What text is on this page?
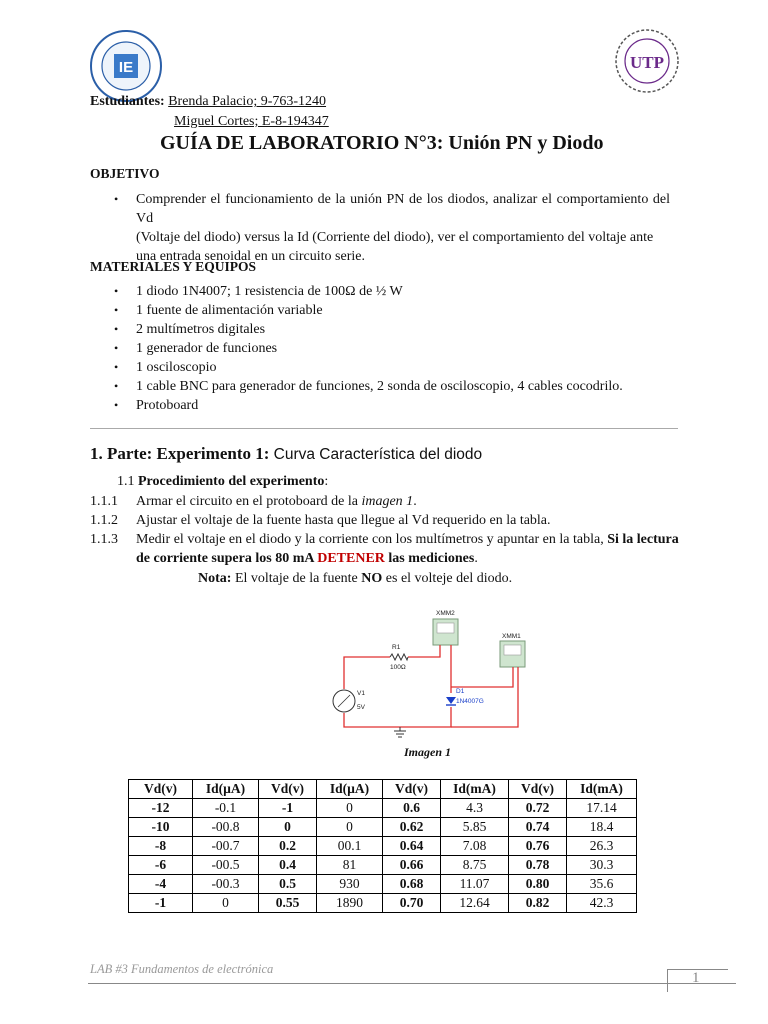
IE	UTP
Estudiantes: Brenda Palacio; 9-763-1240
Miguel Cortes; E-8-194347
GUÍA DE LABORATORIO N°3: Unión PN y Diodo
OBJETIVO
• Comprender el funcionamiento de la unión PN de los diodos, analizar el comportamiento del Vd
(Voltaje del diodo) versus la Id (Corriente del diodo), ver el comportamiento del voltaje ante
una entrada senoidal en un circuito serie.
MATERIALES Y EQUIPOS
• 1 diodo 1N4007; 1 resistencia de 100Ω de ½ W
• 1 fuente de alimentación variable
• 2 multímetros digitales
• 1 generador de funciones
• 1 osciloscopio
• 1 cable BNC para generador de funciones, 2 sonda de osciloscopio, 4 cables cocodrilo.
• Protoboard
1. Parte: Experimento 1: Curva Característica del diodo
1.1 Procedimiento del experimento:
1.1.1 Armar el circuito en el protoboard de la imagen 1.
1.1.2 Ajustar el voltaje de la fuente hasta que llegue al Vd requerido en la tabla.
1.1.3 Medir el voltaje en el diodo y la corriente con los multímetros y apuntar en la tabla, Si la lectura
de corriente supera los 80 mA DETENER las mediciones.
Nota: El voltaje de la fuente NO es el volteje del diodo.
XMM2
XMM1
R1
100Ω
D1
1N4007G
V1
5V
Imagen 1
Vd(v)	Id(µA)	Vd(v)	Id(µA)	Vd(v)	Id(mA)	Vd(v)	Id(mA)
-12	-0.1	-1	0	0.6	4.3	0.72	17.14
-10	-00.8	0	0	0.62	5.85	0.74	18.4
-8	-00.7	0.2	00.1	0.64	7.08	0.76	26.3
-6	-00.5	0.4	81	0.66	8.75	0.78	30.3
-4	-00.3	0.5	930	0.68	11.07	0.80	35.6
-1	0	0.55	1890	0.70	12.64	0.82	42.3
LAB #3 Fundamentos de electrónica
1
